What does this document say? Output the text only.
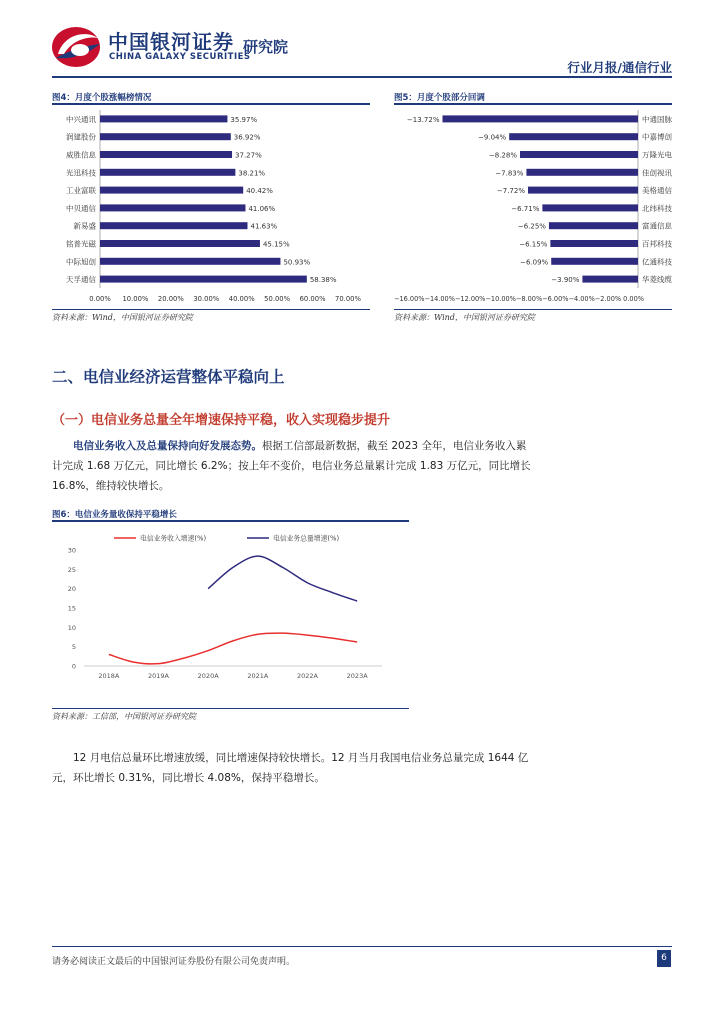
中国银河证券
CHINA GALAXY SECURITIES
研究院
行业月报/通信行业
图4：月度个股涨幅榜情况
中兴通讯	35.97%
润建股份	36.92%
威胜信息	37.27%
光迅科技	38.21%
工业富联	40.42%
中贝通信	41.06%
新易盛	41.63%
铭普光磁	45.15%
中际旭创	50.93%
天孚通信	58.38%
0.00% 10.00% 20.00% 30.00% 40.00% 50.00% 60.00% 70.00%
资料来源：Wind，中国银河证券研究院
图5：月度个股部分回调
−13.72%	中通国脉
−9.04%	中嘉博创
−8.28%	万隆光电
−7.83%	佳创视讯
−7.72%	美格通信
−6.71%	北纬科技
−6.25%	富通信息
−6.15%	百邦科技
−6.09%	亿通科技
−3.90%	华菱线缆
−16.00%−14.00%−12.00%−10.00%−8.00%−6.00%−4.00%−2.00% 0.00%
资料来源：Wind，中国银河证券研究院
二、电信业经济运营整体平稳向上
（一）电信业务总量全年增速保持平稳，收入实现稳步提升
电信业务收入及总量保持向好发展态势。根据工信部最新数据，截至 2023 全年，电信业务收入累
计完成 1.68 万亿元，同比增长 6.2%；按上年不变价，电信业务总量累计完成 1.83 万亿元，同比增长
16.8%，维持较快增长。
图6：电信业务量收保持平稳增长
0
5
10
15
20
25
30
2018A	2019A	2020A	2021A	2022A	2023A
电信业务收入增速(%)	电信业务总量增速(%)
资料来源：工信部，中国银河证券研究院
12 月电信总量环比增速放缓，同比增速保持较快增长。12 月当月我国电信业务总量完成 1644 亿
元，环比增长 0.31%，同比增长 4.08%，保持平稳增长。
请务必阅读正文最后的中国银河证券股份有限公司免责声明。	6
